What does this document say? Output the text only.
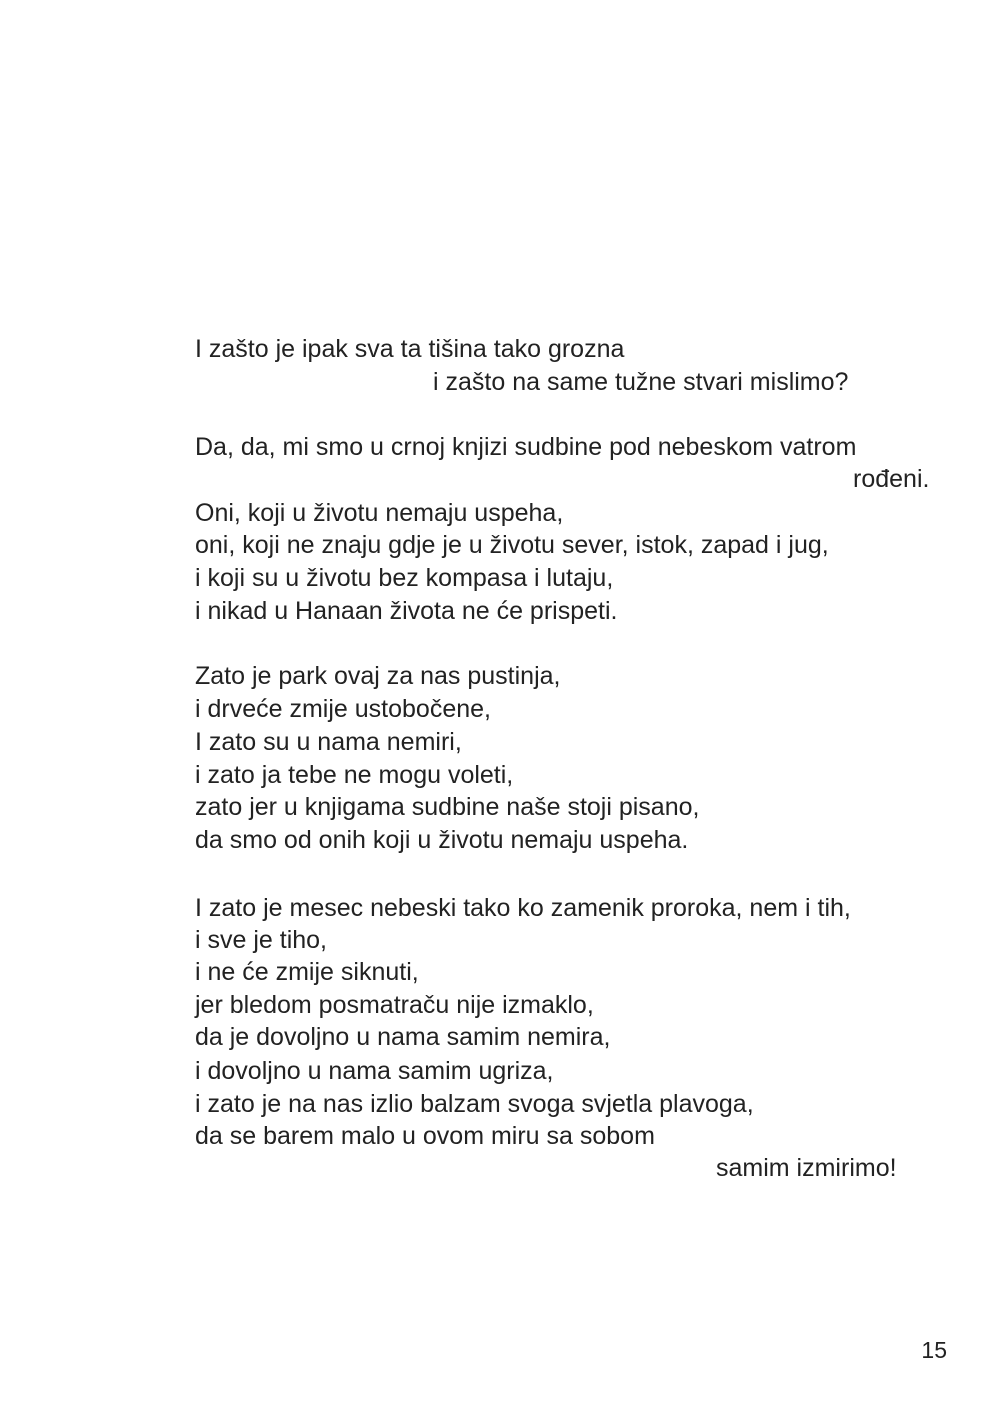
I zašto je ipak sva ta tišina tako grozna
i zašto na same tužne stvari mislimo?
Da, da, mi smo u crnoj knjizi sudbine pod nebeskom vatrom
rođeni.
Oni, koji u životu nemaju uspeha,
oni, koji ne znaju gdje je u životu sever, istok, zapad i jug,
i koji su u životu bez kompasa i lutaju,
i nikad u Hanaan života ne će prispeti.
Zato je park ovaj za nas pustinja,
i drveće zmije ustobočene,
I zato su u nama nemiri,
i zato ja tebe ne mogu voleti,
zato jer u knjigama sudbine naše stoji pisano,
da smo od onih koji u životu nemaju uspeha.
I zato je mesec nebeski tako ko zamenik proroka, nem i tih,
i sve je tiho,
i ne će zmije siknuti,
jer bledom posmatraču nije izmaklo,
da je dovoljno u nama samim nemira,
i dovoljno u nama samim ugriza,
i zato je na nas izlio balzam svoga svjetla plavoga,
da se barem malo u ovom miru sa sobom
samim izmirimo!
15
